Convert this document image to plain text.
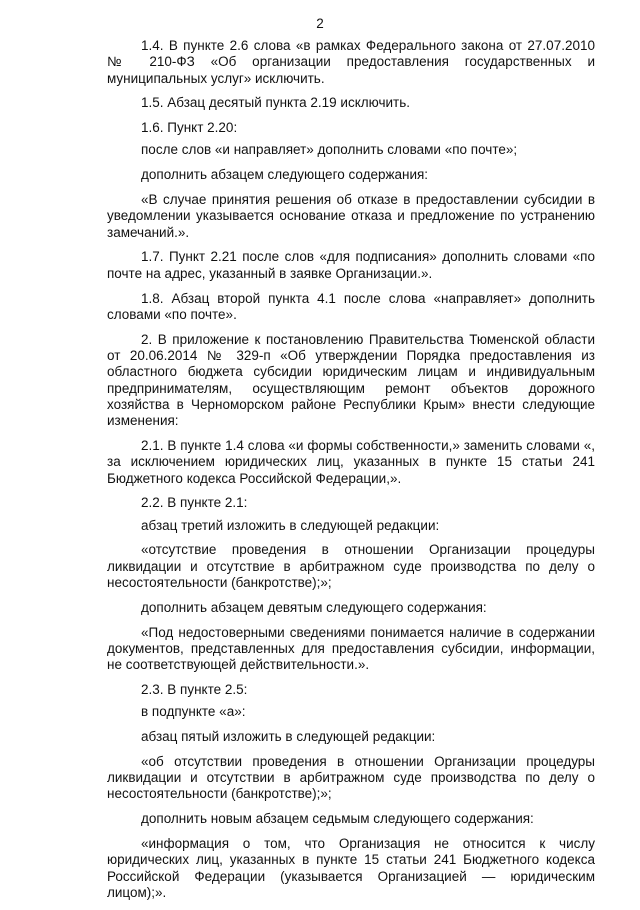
2

1.4. В пункте 2.6 слова «в рамках Федерального закона от 27.07.2010 № 210-ФЗ «Об организации предоставления государственных и муниципальных услуг» исключить.

1.5. Абзац десятый пункта 2.19 исключить.

1.6. Пункт 2.20:

после слов «и направляет» дополнить словами «по почте»;

дополнить абзацем следующего содержания:

«В случае принятия решения об отказе в предоставлении субсидии в уведомлении указывается основание отказа и предложение по устранению замечаний.».

1.7. Пункт 2.21 после слов «для подписания» дополнить словами «по почте на адрес, указанный в заявке Организации.».

1.8. Абзац второй пункта 4.1 после слова «направляет» дополнить словами «по почте».

2. В приложение к постановлению Правительства Тюменской области от 20.06.2014 № 329-п «Об утверждении Порядка предоставления из областного бюджета субсидии юридическим лицам и индивидуальным предпринимателям, осуществляющим ремонт объектов дорожного хозяйства в Черноморском районе Республики Крым» внести следующие изменения:

2.1. В пункте 1.4 слова «и формы собственности,» заменить словами «, за исключением юридических лиц, указанных в пункте 15 статьи 241 Бюджетного кодекса Российской Федерации,».

2.2. В пункте 2.1:

абзац третий изложить в следующей редакции:

«отсутствие проведения в отношении Организации процедуры ликвидации и отсутствие в арбитражном суде производства по делу о несостоятельности (банкротстве);»;

дополнить абзацем девятым следующего содержания:

«Под недостоверными сведениями понимается наличие в содержании документов, представленных для предоставления субсидии, информации, не соответствующей действительности.».

2.3. В пункте 2.5:

в подпункте «а»:

абзац пятый изложить в следующей редакции:

«об отсутствии проведения в отношении Организации процедуры ликвидации и отсутствии в арбитражном суде производства по делу о несостоятельности (банкротстве);»;

дополнить новым абзацем седьмым следующего содержания:

«информация о том, что Организация не относится к числу юридических лиц, указанных в пункте 15 статьи 241 Бюджетного кодекса Российской Федерации (указывается Организацией — юридическим лицом);».
